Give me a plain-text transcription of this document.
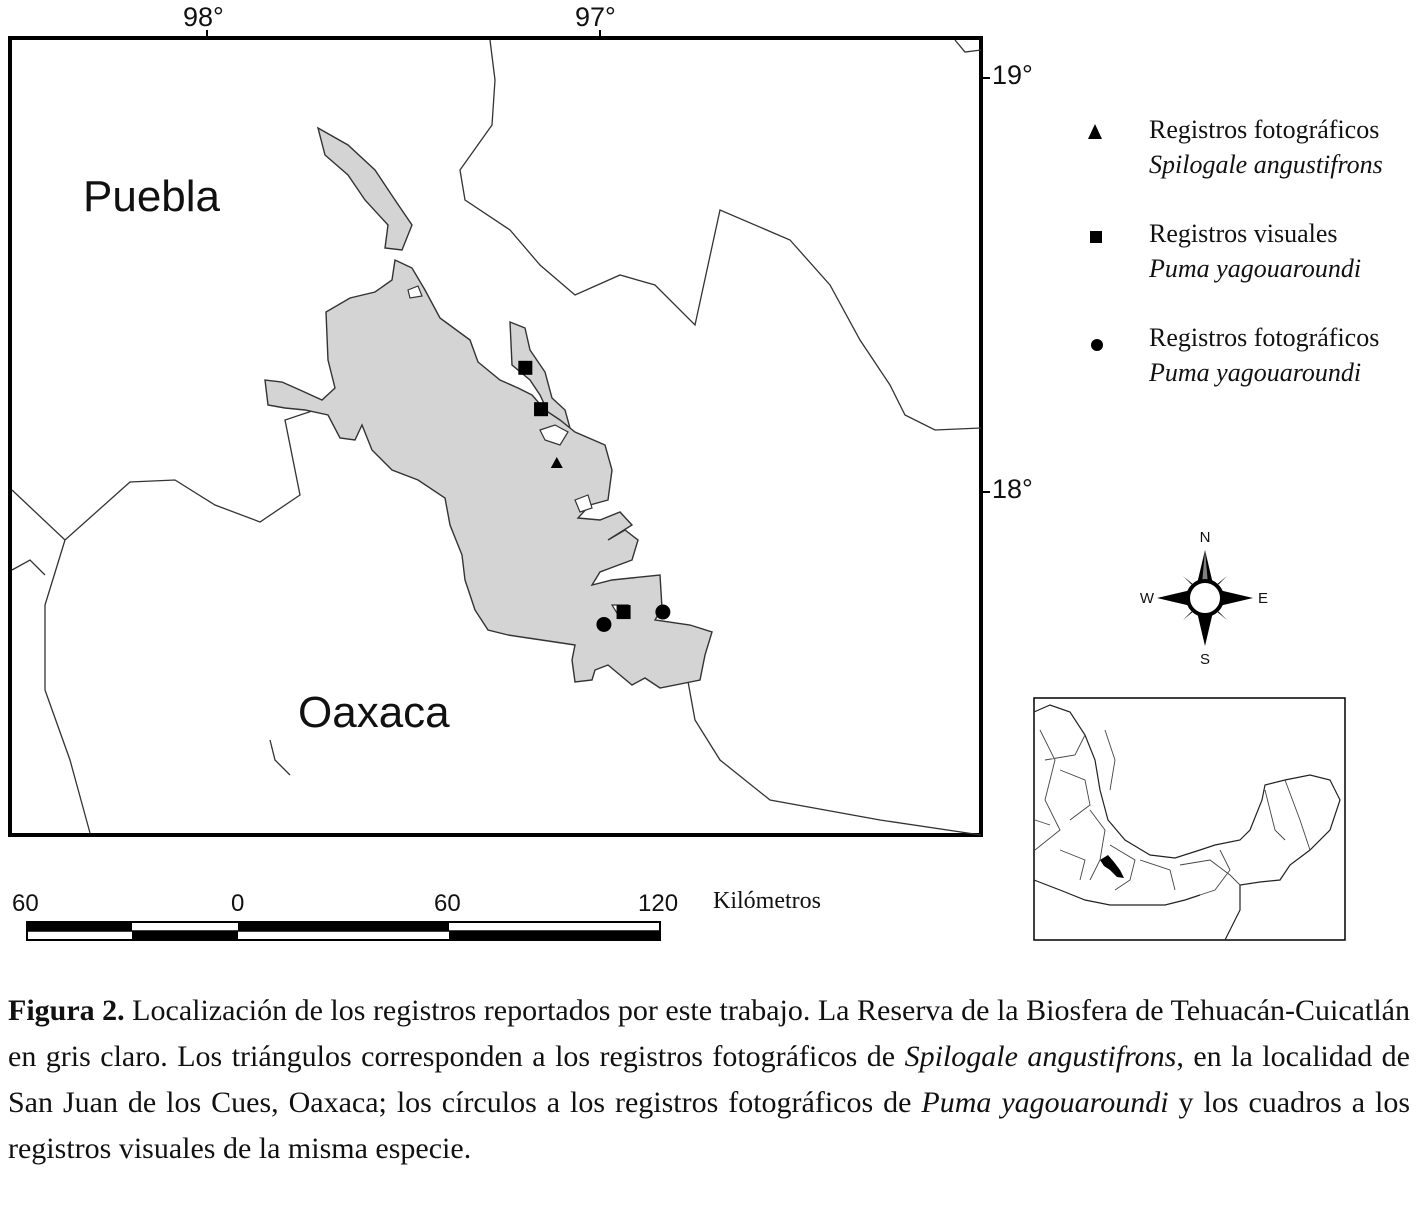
N
S
E
W
98°	97°
19°
18°
Puebla
Oaxaca
Registros fotográficos
Spilogale angustifrons
Registros visuales
Puma yagouaroundi
Registros fotográficos
Puma yagouaroundi
60	0	60	120 Kilómetros
Figura 2. Localización de los registros reportados por este trabajo. La Reserva de la Biosfera de Tehuacán-Cuicatlán en gris claro. Los triángulos corresponden a los registros fotográficos de Spilogale angustifrons, en la localidad de San Juan de los Cues, Oaxaca; los círculos a los registros fotográficos de Puma yagouaroundi y los cuadros a los registros visuales de la misma especie.
